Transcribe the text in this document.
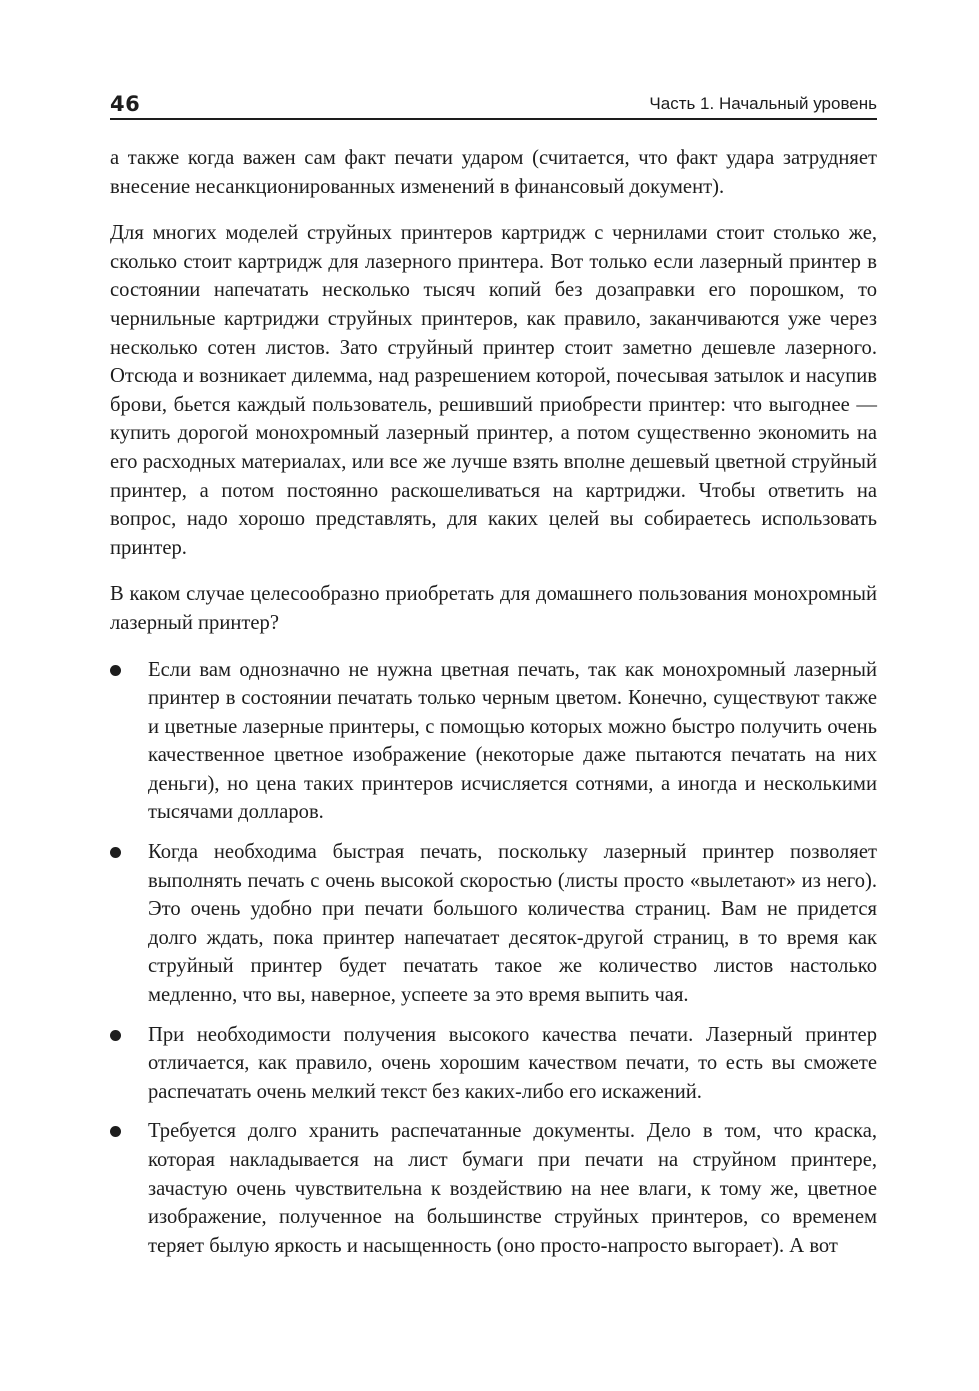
46	Часть 1. Начальный уровень

а также когда важен сам факт печати ударом (считается, что факт удара затрудняет внесение несанкционированных изменений в финансовый документ).

Для многих моделей струйных принтеров картридж с чернилами стоит столько же, сколько стоит картридж для лазерного принтера. Вот только если лазерный принтер в состоянии напечатать несколько тысяч копий без дозаправки его порошком, то чернильные картриджи струйных принтеров, как правило, заканчиваются уже через несколько сотен листов. Зато струйный принтер стоит заметно дешевле лазерного. Отсюда и возникает дилемма, над разрешением которой, почесывая затылок и насупив брови, бьется каждый пользователь, решивший приобрести принтер: что выгоднее — купить дорогой монохромный лазерный принтер, а потом существенно экономить на его расходных материалах, или все же лучше взять вполне дешевый цветной струйный принтер, а потом постоянно раскошеливаться на картриджи. Чтобы ответить на вопрос, надо хорошо представлять, для каких целей вы собираетесь использовать принтер.

В каком случае целесообразно приобретать для домашнего пользования монохромный лазерный принтер?

Если вам однозначно не нужна цветная печать, так как монохромный лазерный принтер в состоянии печатать только черным цветом. Конечно, существуют также и цветные лазерные принтеры, с помощью которых можно быстро получить очень качественное цветное изображение (некоторые даже пытаются печатать на них деньги), но цена таких принтеров исчисляется сотнями, а иногда и несколькими тысячами долларов.
Когда необходима быстрая печать, поскольку лазерный принтер позволяет выполнять печать с очень высокой скоростью (листы просто «вылетают» из него). Это очень удобно при печати большого количества страниц. Вам не придется долго ждать, пока принтер напечатает десяток-другой страниц, в то время как струйный принтер будет печатать такое же количество листов настолько медленно, что вы, наверное, успеете за это время выпить чая.
При необходимости получения высокого качества печати. Лазерный принтер отличается, как правило, очень хорошим качеством печати, то есть вы сможете распечатать очень мелкий текст без каких-либо его искажений.
Требуется долго хранить распечатанные документы. Дело в том, что краска, которая накладывается на лист бумаги при печати на струйном принтере, зачастую очень чувствительна к воздействию на нее влаги, к тому же, цветное изображение, полученное на большинстве струйных принтеров, со временем теряет былую яркость и насыщенность (оно просто-напросто выгорает). А вот
